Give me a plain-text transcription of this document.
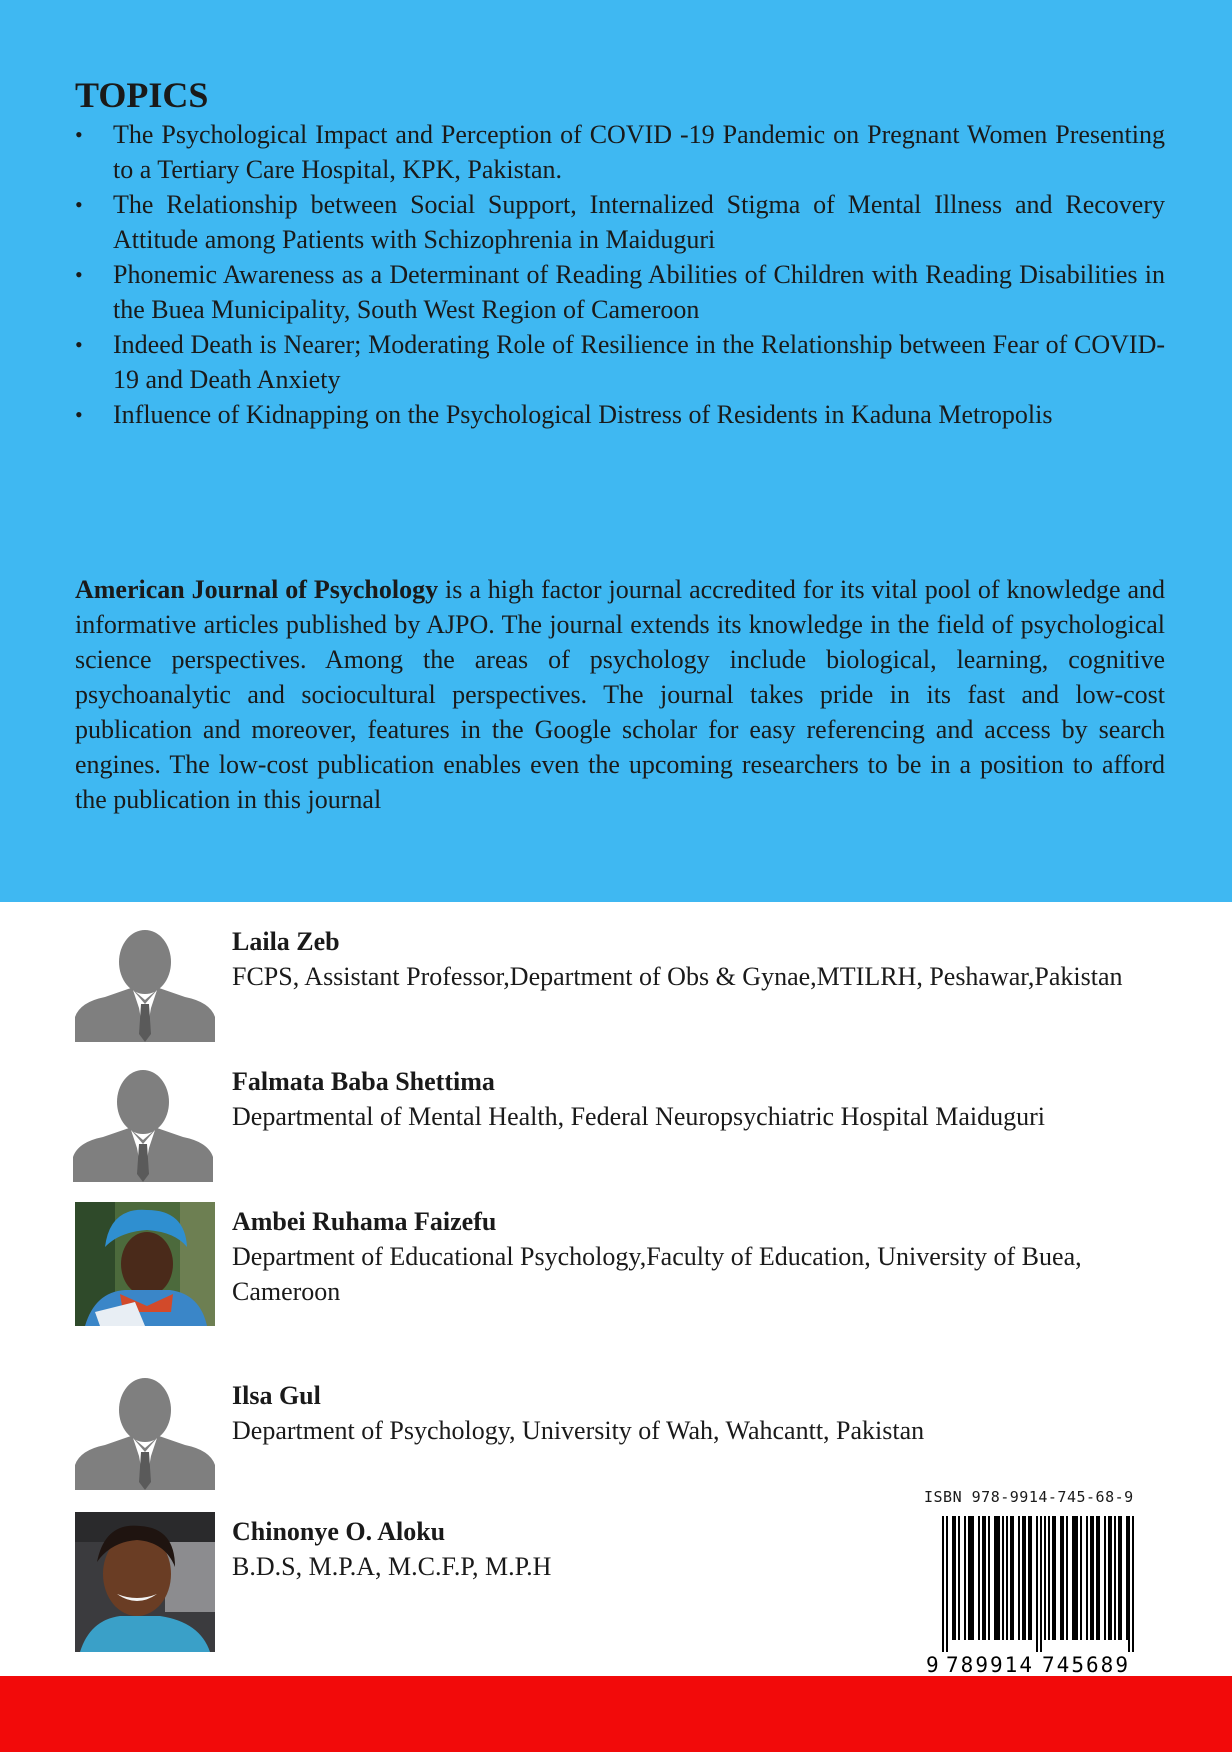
TOPICS
•	The Psychological Impact and Perception of COVID -19 Pandemic on Pregnant Women Presenting to a Tertiary Care Hospital, KPK, Pakistan.
•	The Relationship between Social Support, Internalized Stigma of Mental Illness and Recovery Attitude among Patients with Schizophrenia in Maiduguri
•	Phonemic Awareness as a Determinant of Reading Abilities of Children with Reading Disabilities in the Buea Municipality, South West Region of Cameroon
•	Indeed Death is Nearer; Moderating Role of Resilience in the Relationship between Fear of COVID-19 and Death Anxiety
•	Influence of Kidnapping on the Psychological Distress of Residents in Kaduna Metropolis

American Journal of Psychology is a high factor journal accredited for its vital pool of knowledge and informative articles published by AJPO. The journal extends its knowledge in the field of psychological science perspectives. Among the areas of psychology include biological, learning, cognitive psychoanalytic and sociocultural perspectives. The journal takes pride in its fast and low-cost publication and moreover, features in the Google scholar for easy referencing and access by search engines. The low-cost publication enables even the upcoming researchers to be in a position to afford the publication in this journal

Laila Zeb
FCPS, Assistant Professor,Department of Obs & Gynae,MTILRH, Peshawar,Pakistan
Falmata Baba Shettima
Departmental of Mental Health, Federal Neuropsychiatric Hospital Maiduguri
Ambei Ruhama Faizefu
Department of Educational Psychology,Faculty of Education, University of Buea, Cameroon
Ilsa Gul
Department of Psychology, University of Wah, Wahcantt, Pakistan
Chinonye O. Aloku
B.D.S, M.P.A, M.C.F.P, M.P.H
ISBN 978-9914-745-68-9
9 789914 745689
